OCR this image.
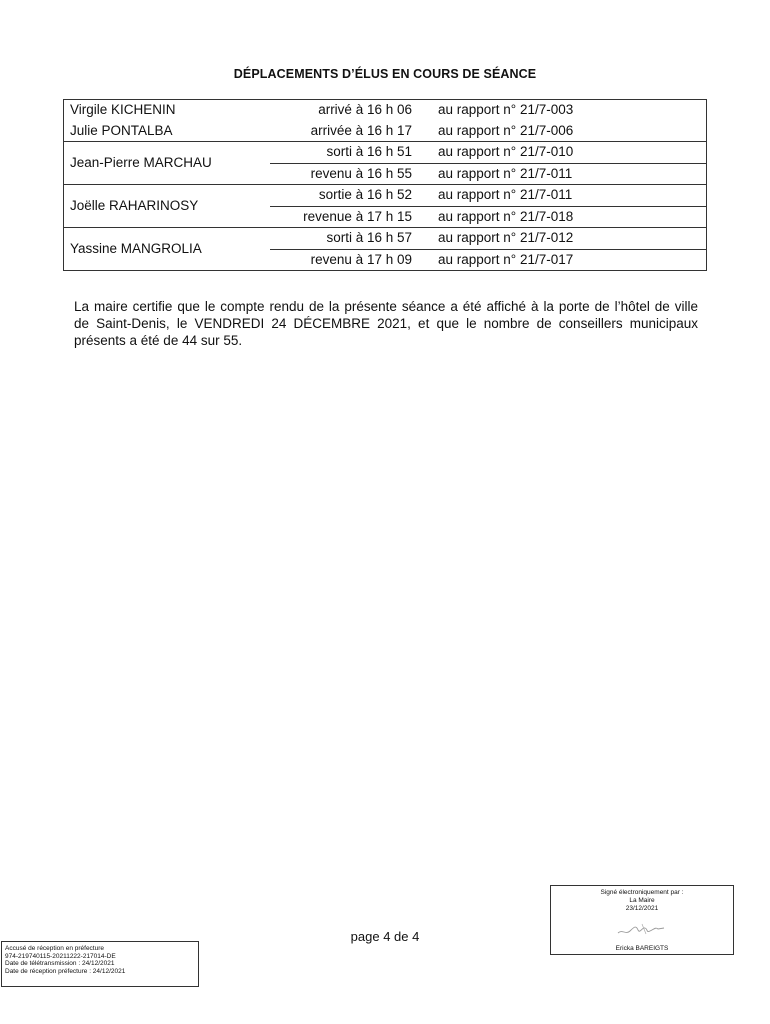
DÉPLACEMENTS D’ÉLUS EN COURS DE SÉANCE
Virgile KICHENIN	arrivé à 16 h 06	au rapport n° 21/7-003
Julie PONTALBA	arrivée à 16 h 17	au rapport n° 21/7-006
Jean-Pierre MARCHAU	sorti à 16 h 51	au rapport n° 21/7-010
	revenu à 16 h 55	au rapport n° 21/7-011
Joëlle RAHARINOSY	sortie à 16 h 52	au rapport n° 21/7-011
	revenue à 17 h 15	au rapport n° 21/7-018
Yassine MANGROLIA	sorti à 16 h 57	au rapport n° 21/7-012
	revenu à 17 h 09	au rapport n° 21/7-017
La maire certifie que le compte rendu de la présente séance a été affiché à la porte de l’hôtel de ville
de Saint-Denis, le VENDREDI 24 DÉCEMBRE 2021, et que le nombre de conseillers municipaux
présents a été de 44 sur 55.
page 4 de 4
Signé électroniquement par :
La Maire
23/12/2021
Ericka BAREIGTS
Accusé de réception en préfecture
974-219740115-20211222-217014-DE
Date de télétransmission : 24/12/2021
Date de réception préfecture : 24/12/2021
